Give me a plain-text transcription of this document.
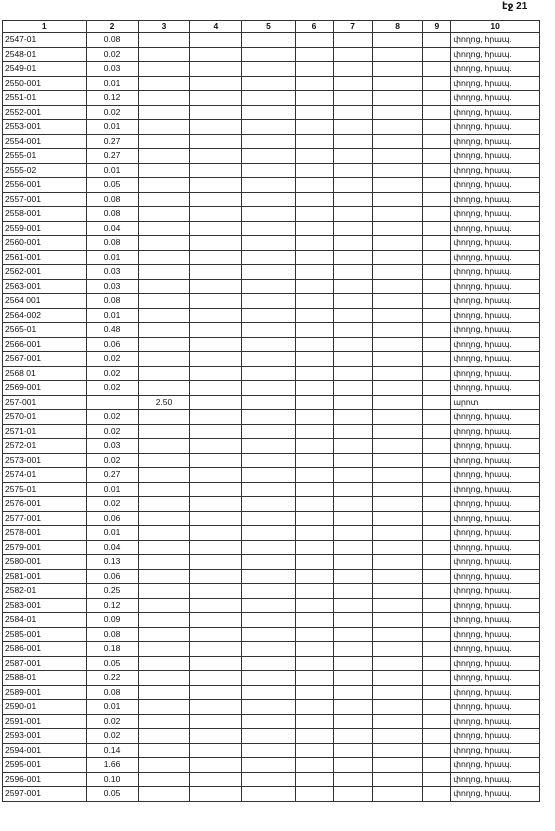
էջ 21
1	2	3	4	5	6	7	8	9	10
2547-01	0.08								փողոց, հրապ.
2548-01	0.02								փողոց, հրապ.
2549-01	0.03								փողոց, հրապ.
2550-001	0.01								փողոց, հրապ.
2551-01	0.12								փողոց, հրապ.
2552-001	0.02								փողոց, հրապ.
2553-001	0.01								փողոց, հրապ.
2554-001	0.27								փողոց, հրապ.
2555-01	0.27								փողոց, հրապ.
2555-02	0.01								փողոց, հրապ.
2556-001	0.05								փողոց, հրապ.
2557-001	0.08								փողոց, հրապ.
2558-001	0.08								փողոց, հրապ.
2559-001	0.04								փողոց, հրապ.
2560-001	0.08								փողոց, հրապ.
2561-001	0.01								փողոց, հրապ.
2562-001	0.03								փողոց, հրապ.
2563-001	0.03								փողոց, հրապ.
2564 001	0.08								փողոց, հրապ.
2564-002	0.01								փողոց, հրապ.
2565-01	0.48								փողոց, հրապ.
2566-001	0.06								փողոց, հրապ.
2567-001	0.02								փողոց, հրապ.
2568 01	0.02								փողոց, հրապ.
2569-001	0.02								փողոց, հրապ.
257-001		2.50							արոտ
2570-01	0.02								փողոց, հրապ.
2571-01	0.02								փողոց, հրապ.
2572-01	0.03								փողոց, հրապ.
2573-001	0.02								փողոց, հրապ.
2574-01	0.27								փողոց, հրապ.
2575-01	0.01								փողոց, հրապ.
2576-001	0.02								փողոց, հրապ.
2577-001	0.06								փողոց, հրապ.
2578-001	0.01								փողոց, հրապ.
2579-001	0.04								փողոց, հրապ.
2580-001	0.13								փողոց, հրապ.
2581-001	0.06								փողոց, հրապ.
2582-01	0.25								փողոց, հրապ.
2583-001	0.12								փողոց, հրապ.
2584-01	0.09								փողոց, հրապ.
2585-001	0.08								փողոց, հրապ.
2586-001	0.18								փողոց, հրապ.
2587-001	0.05								փողոց, հրապ.
2588-01	0.22								փողոց, հրապ.
2589-001	0.08								փողոց, հրապ.
2590-01	0.01								փողոց, հրապ.
2591-001	0.02								փողոց, հրապ.
2593-001	0.02								փողոց, հրապ.
2594-001	0.14								փողոց, հրապ.
2595-001	1.66								փողոց, հրապ.
2596-001	0.10								փողոց, հրապ.
2597-001	0.05								փողոց, հրապ.
